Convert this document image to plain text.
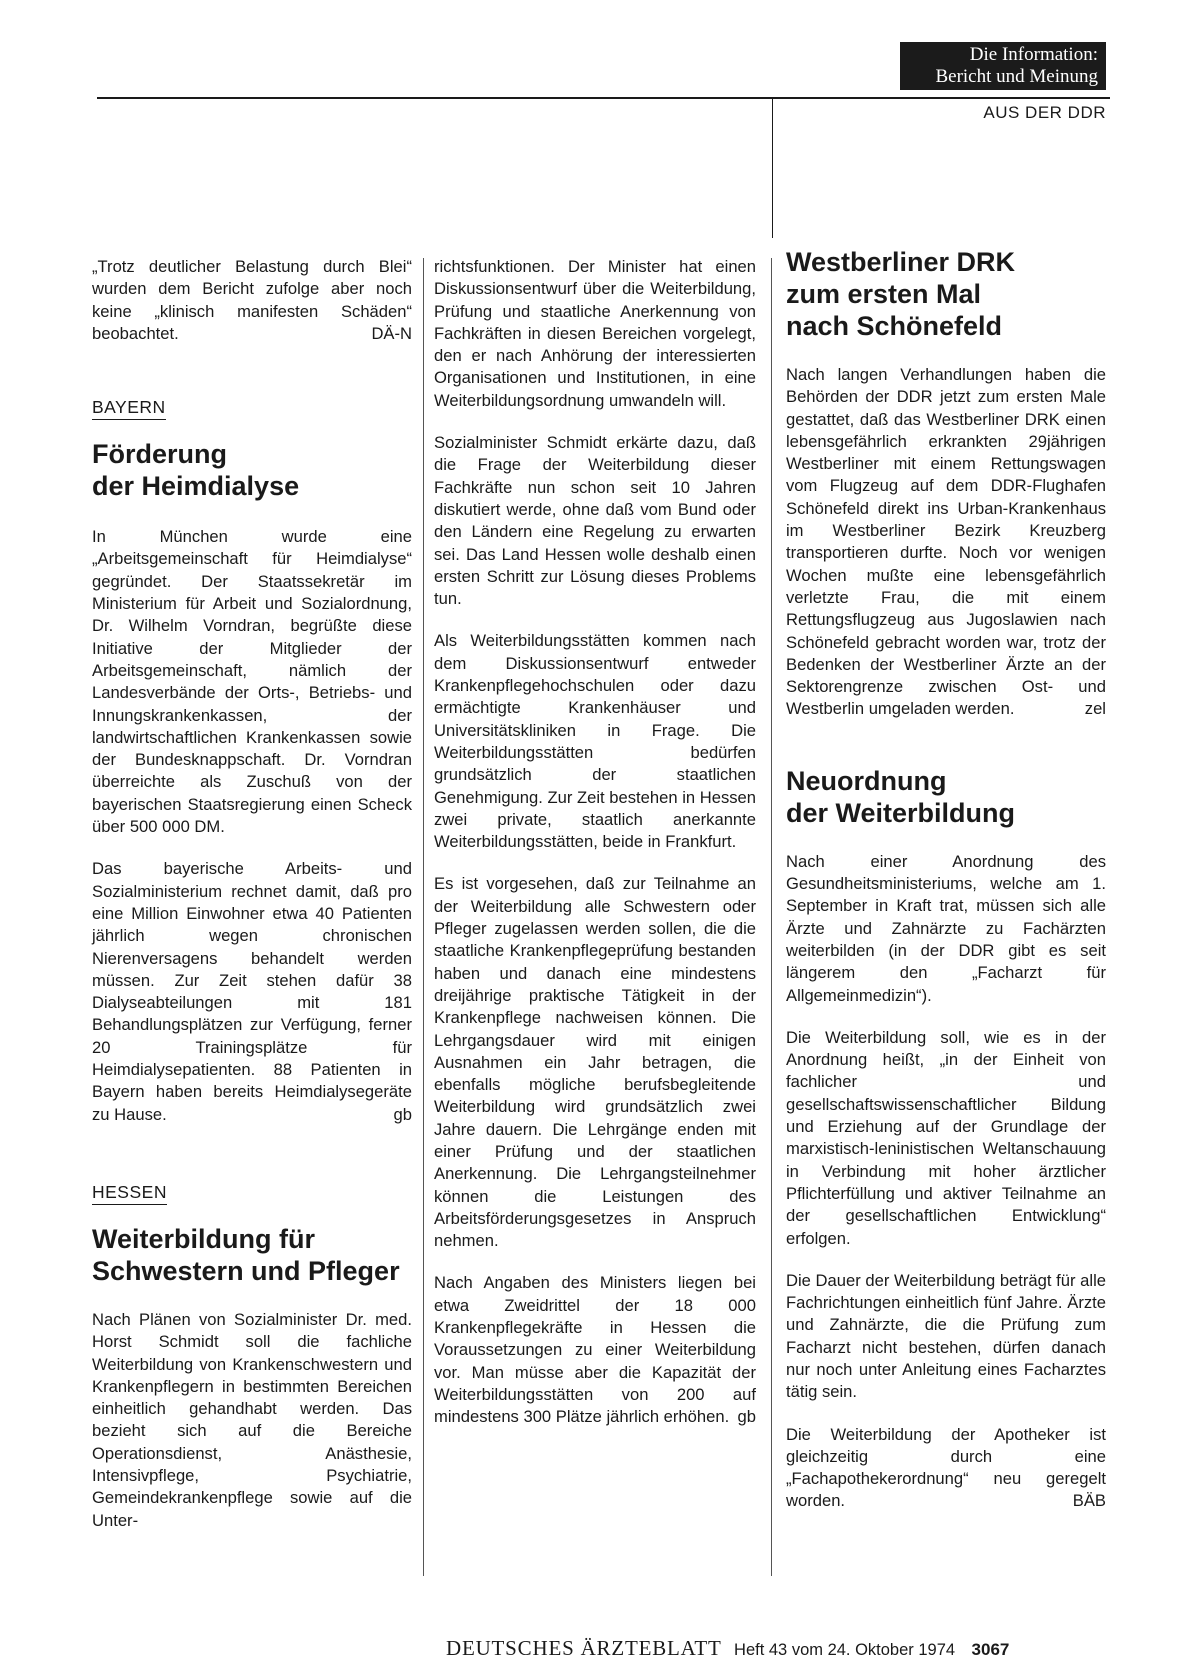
Die Information:
Bericht und Meinung
AUS DER DDR

„Trotz deutlicher Belastung durch Blei“ wurden dem Bericht zufolge aber noch keine „klinisch manifesten Schäden“ beobachtet.	DÄ-N

BAYERN
Förderung
der Heimdialyse

In München wurde eine „Arbeitsgemeinschaft für Heimdialyse“ gegründet. Der Staatssekretär im Ministerium für Arbeit und Sozialordnung, Dr. Wilhelm Vorndran, begrüßte diese Initiative der Mitglieder der Arbeitsgemeinschaft, nämlich der Landesverbände der Orts-, Betriebs- und Innungskrankenkassen, der landwirtschaftlichen Krankenkassen sowie der Bundesknappschaft. Dr. Vorndran überreichte als Zuschuß von der bayerischen Staatsregierung einen Scheck über 500 000 DM.

Das bayerische Arbeits- und Sozialministerium rechnet damit, daß pro eine Million Einwohner etwa 40 Patienten jährlich wegen chronischen Nierenversagens behandelt werden müssen. Zur Zeit stehen dafür 38 Dialyseabteilungen mit 181 Behandlungsplätzen zur Verfügung, ferner 20 Trainingsplätze für Heimdialysepatienten. 88 Patienten in Bayern haben bereits Heimdialysegeräte zu Hause.	gb

HESSEN
Weiterbildung für
Schwestern und Pfleger

Nach Plänen von Sozialminister Dr. med. Horst Schmidt soll die fachliche Weiterbildung von Krankenschwestern und Krankenpflegern in bestimmten Bereichen einheitlich gehandhabt werden. Das bezieht sich auf die Bereiche Operationsdienst, Anästhesie, Intensivpflege, Psychiatrie, Gemeindekrankenpflege sowie auf die Unter-

richtsfunktionen. Der Minister hat einen Diskussionsentwurf über die Weiterbildung, Prüfung und staatliche Anerkennung von Fachkräften in diesen Bereichen vorgelegt, den er nach Anhörung der interessierten Organisationen und Institutionen, in eine Weiterbildungsordnung umwandeln will.

Sozialminister Schmidt erkärte dazu, daß die Frage der Weiterbildung dieser Fachkräfte nun schon seit 10 Jahren diskutiert werde, ohne daß vom Bund oder den Ländern eine Regelung zu erwarten sei. Das Land Hessen wolle deshalb einen ersten Schritt zur Lösung dieses Problems tun.

Als Weiterbildungsstätten kommen nach dem Diskussionsentwurf entweder Krankenpflegehochschulen oder dazu ermächtigte Krankenhäuser und Universitätskliniken in Frage. Die Weiterbildungsstätten bedürfen grundsätzlich der staatlichen Genehmigung. Zur Zeit bestehen in Hessen zwei private, staatlich anerkannte Weiterbildungsstätten, beide in Frankfurt.

Es ist vorgesehen, daß zur Teilnahme an der Weiterbildung alle Schwestern oder Pfleger zugelassen werden sollen, die die staatliche Krankenpflegeprüfung bestanden haben und danach eine mindestens dreijährige praktische Tätigkeit in der Krankenpflege nachweisen können. Die Lehrgangsdauer wird mit einigen Ausnahmen ein Jahr betragen, die ebenfalls mögliche berufsbegleitende Weiterbildung wird grundsätzlich zwei Jahre dauern. Die Lehrgänge enden mit einer Prüfung und der staatlichen Anerkennung. Die Lehrgangsteilnehmer können die Leistungen des Arbeitsförderungsgesetzes in Anspruch nehmen.

Nach Angaben des Ministers liegen bei etwa Zweidrittel der 18 000 Krankenpflegekräfte in Hessen die Voraussetzungen zu einer Weiterbildung vor. Man müsse aber die Kapazität der Weiterbildungsstätten von 200 auf mindestens 300 Plätze jährlich erhöhen. gb

Westberliner DRK
zum ersten Mal
nach Schönefeld

Nach langen Verhandlungen haben die Behörden der DDR jetzt zum ersten Male gestattet, daß das Westberliner DRK einen lebensgefährlich erkrankten 29jährigen Westberliner mit einem Rettungswagen vom Flugzeug auf dem DDR-Flughafen Schönefeld direkt ins Urban-Krankenhaus im Westberliner Bezirk Kreuzberg transportieren durfte. Noch vor wenigen Wochen mußte eine lebensgefährlich verletzte Frau, die mit einem Rettungsflugzeug aus Jugoslawien nach Schönefeld gebracht worden war, trotz der Bedenken der Westberliner Ärzte an der Sektorengrenze zwischen Ost- und Westberlin umgeladen werden.	zel

Neuordnung
der Weiterbildung

Nach einer Anordnung des Gesundheitsministeriums, welche am 1. September in Kraft trat, müssen sich alle Ärzte und Zahnärzte zu Fachärzten weiterbilden (in der DDR gibt es seit längerem den „Facharzt für Allgemeinmedizin“).

Die Weiterbildung soll, wie es in der Anordnung heißt, „in der Einheit von fachlicher und gesellschaftswissenschaftlicher Bildung und Erziehung auf der Grundlage der marxistisch-leninistischen Weltanschauung in Verbindung mit hoher ärztlicher Pflichterfüllung und aktiver Teilnahme an der gesellschaftlichen Entwicklung“ erfolgen.

Die Dauer der Weiterbildung beträgt für alle Fachrichtungen einheitlich fünf Jahre. Ärzte und Zahnärzte, die die Prüfung zum Facharzt nicht bestehen, dürfen danach nur noch unter Anleitung eines Facharztes tätig sein.

Die Weiterbildung der Apotheker ist gleichzeitig durch eine „Fachapothekerordnung“ neu geregelt worden.	BÄB

DEUTSCHES ÄRZTEBLATT Heft 43 vom 24. Oktober 1974 3067
